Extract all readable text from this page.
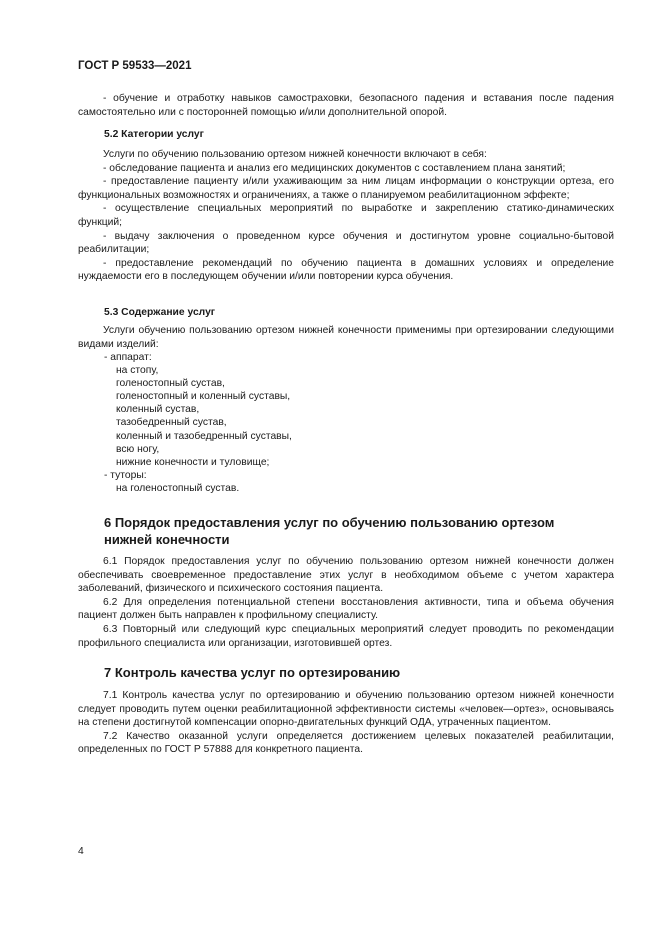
ГОСТ Р 59533—2021
- обучение и отработку навыков самостраховки, безопасного падения и вставания после падения самостоятельно или с посторонней помощью и/или дополнительной опорой.
5.2 Категории услуг
Услуги по обучению пользованию ортезом нижней конечности включают в себя:
- обследование пациента и анализ его медицинских документов с составлением плана занятий;
- предоставление пациенту и/или ухаживающим за ним лицам информации о конструкции ортеза, его функциональных возможностях и ограничениях, а также о планируемом реабилитационном эффекте;
- осуществление специальных мероприятий по выработке и закреплению статико-динамических функций;
- выдачу заключения о проведенном курсе обучения и достигнутом уровне социально-бытовой реабилитации;
- предоставление рекомендаций по обучению пациента в домашних условиях и определение нуждаемости его в последующем обучении и/или повторении курса обучения.
5.3 Содержание услуг
Услуги обучению пользованию ортезом нижней конечности применимы при ортезировании следующими видами изделий:
- аппарат:
на стопу,
голеностопный сустав,
голеностопный и коленный суставы,
коленный сустав,
тазобедренный сустав,
коленный и тазобедренный суставы,
всю ногу,
нижние конечности и туловище;
- туторы:
на голеностопный сустав.
6 Порядок предоставления услуг по обучению пользованию ортезом нижней конечности
6.1 Порядок предоставления услуг по обучению пользованию ортезом нижней конечности должен обеспечивать своевременное предоставление этих услуг в необходимом объеме с учетом характера заболеваний, физического и психического состояния пациента.
6.2 Для определения потенциальной степени восстановления активности, типа и объема обучения пациент должен быть направлен к профильному специалисту.
6.3 Повторный или следующий курс специальных мероприятий следует проводить по рекомендации профильного специалиста или организации, изготовившей ортез.
7 Контроль качества услуг по ортезированию
7.1 Контроль качества услуг по ортезированию и обучению пользованию ортезом нижней конечности следует проводить путем оценки реабилитационной эффективности системы «человек—ортез», основываясь на степени достигнутой компенсации опорно-двигательных функций ОДА, утраченных пациентом.
7.2 Качество оказанной услуги определяется достижением целевых показателей реабилитации, определенных по ГОСТ Р 57888 для конкретного пациента.
4
